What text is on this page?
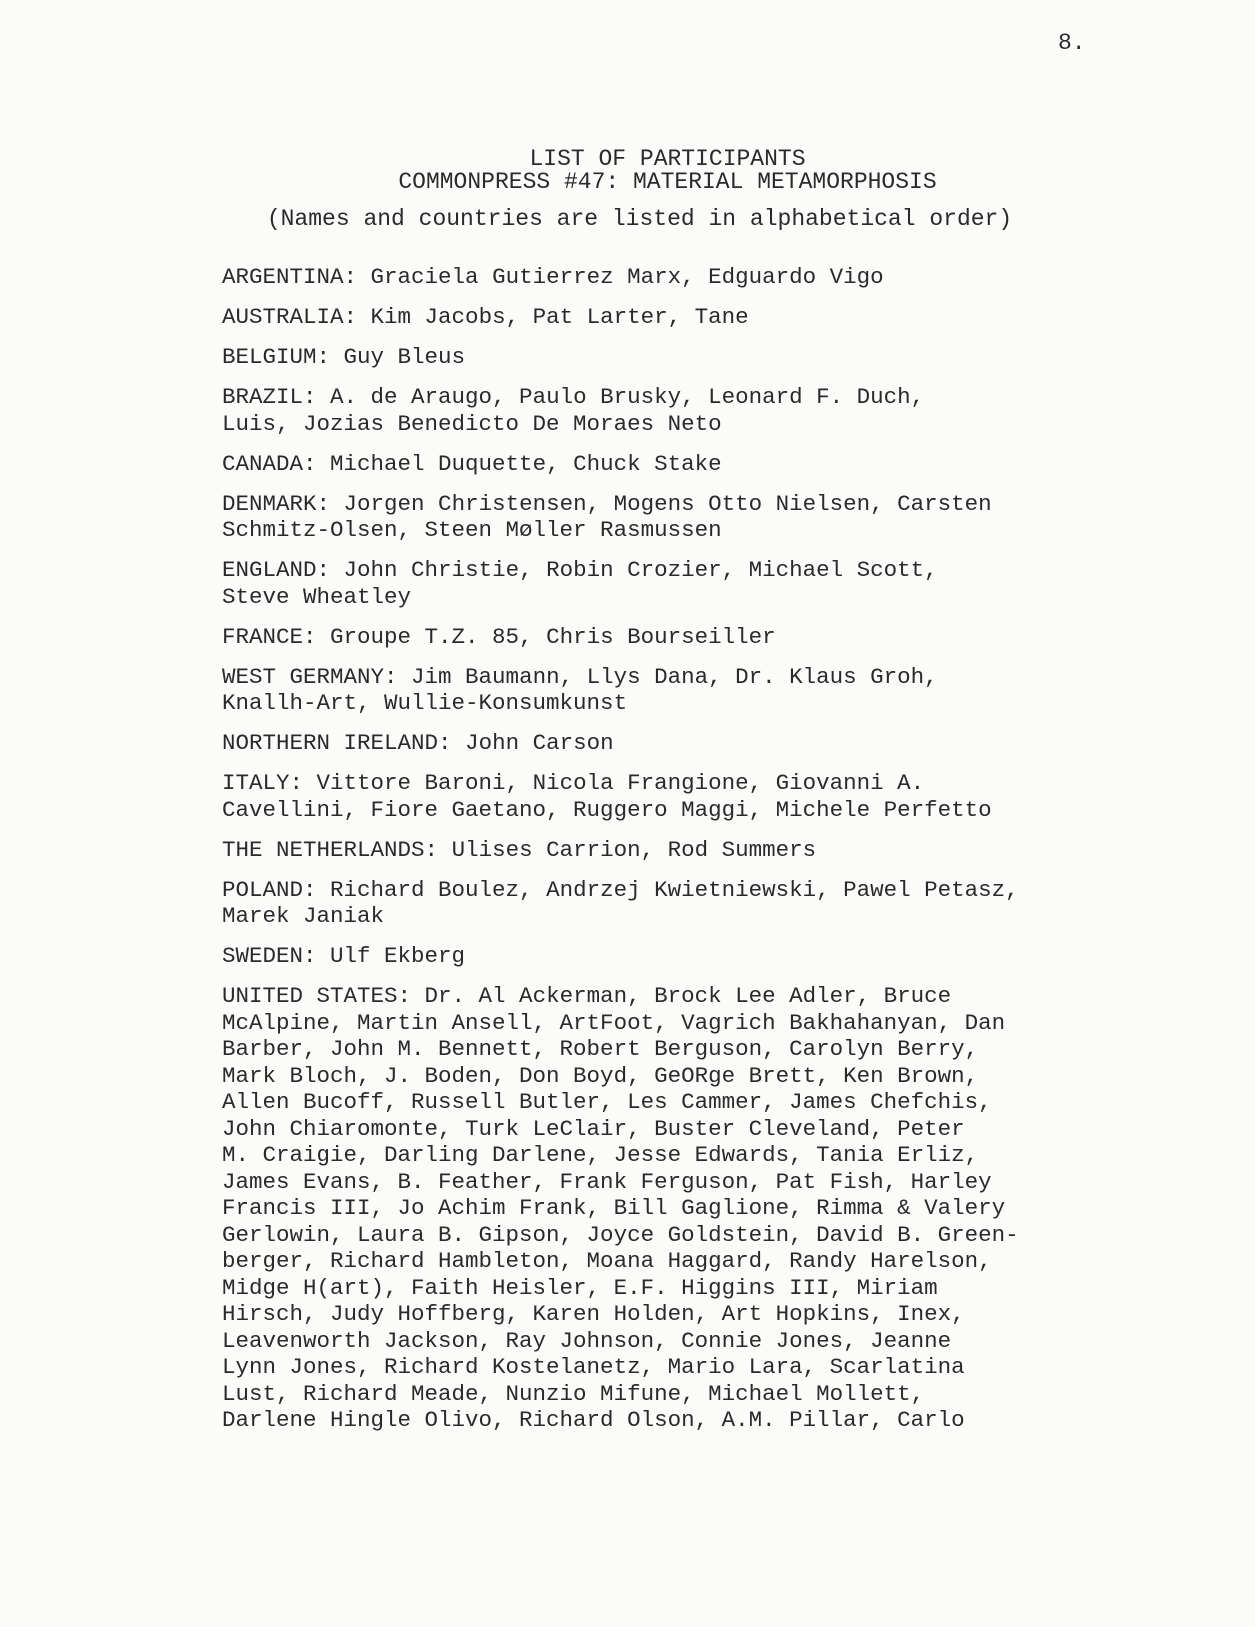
8.
LIST OF PARTICIPANTS
COMMONPRESS #47: MATERIAL METAMORPHOSIS
(Names and countries are listed in alphabetical order)
ARGENTINA: Graciela Gutierrez Marx, Edguardo Vigo
AUSTRALIA: Kim Jacobs, Pat Larter, Tane
BELGIUM: Guy Bleus
BRAZIL: A. de Araugo, Paulo Brusky, Leonard F. Duch,
Luis, Jozias Benedicto De Moraes Neto
CANADA: Michael Duquette, Chuck Stake
DENMARK: Jorgen Christensen, Mogens Otto Nielsen, Carsten
Schmitz-Olsen, Steen Møller Rasmussen
ENGLAND: John Christie, Robin Crozier, Michael Scott,
Steve Wheatley
FRANCE: Groupe T.Z. 85, Chris Bourseiller
WEST GERMANY: Jim Baumann, Llys Dana, Dr. Klaus Groh,
Knallh-Art, Wullie-Konsumkunst
NORTHERN IRELAND: John Carson
ITALY: Vittore Baroni, Nicola Frangione, Giovanni A.
Cavellini, Fiore Gaetano, Ruggero Maggi, Michele Perfetto
THE NETHERLANDS: Ulises Carrion, Rod Summers
POLAND: Richard Boulez, Andrzej Kwietniewski, Pawel Petasz,
Marek Janiak
SWEDEN: Ulf Ekberg
UNITED STATES: Dr. Al Ackerman, Brock Lee Adler, Bruce
McAlpine, Martin Ansell, ArtFoot, Vagrich Bakhahanyan, Dan
Barber, John M. Bennett, Robert Berguson, Carolyn Berry,
Mark Bloch, J. Boden, Don Boyd, GeORge Brett, Ken Brown,
Allen Bucoff, Russell Butler, Les Cammer, James Chefchis,
John Chiaromonte, Turk LeClair, Buster Cleveland, Peter
M. Craigie, Darling Darlene, Jesse Edwards, Tania Erliz,
James Evans, B. Feather, Frank Ferguson, Pat Fish, Harley
Francis III, Jo Achim Frank, Bill Gaglione, Rimma & Valery
Gerlowin, Laura B. Gipson, Joyce Goldstein, David B. Green-
berger, Richard Hambleton, Moana Haggard, Randy Harelson,
Midge H(art), Faith Heisler, E.F. Higgins III, Miriam
Hirsch, Judy Hoffberg, Karen Holden, Art Hopkins, Inex,
Leavenworth Jackson, Ray Johnson, Connie Jones, Jeanne
Lynn Jones, Richard Kostelanetz, Mario Lara, Scarlatina
Lust, Richard Meade, Nunzio Mifune, Michael Mollett,
Darlene Hingle Olivo, Richard Olson, A.M. Pillar, Carlo
